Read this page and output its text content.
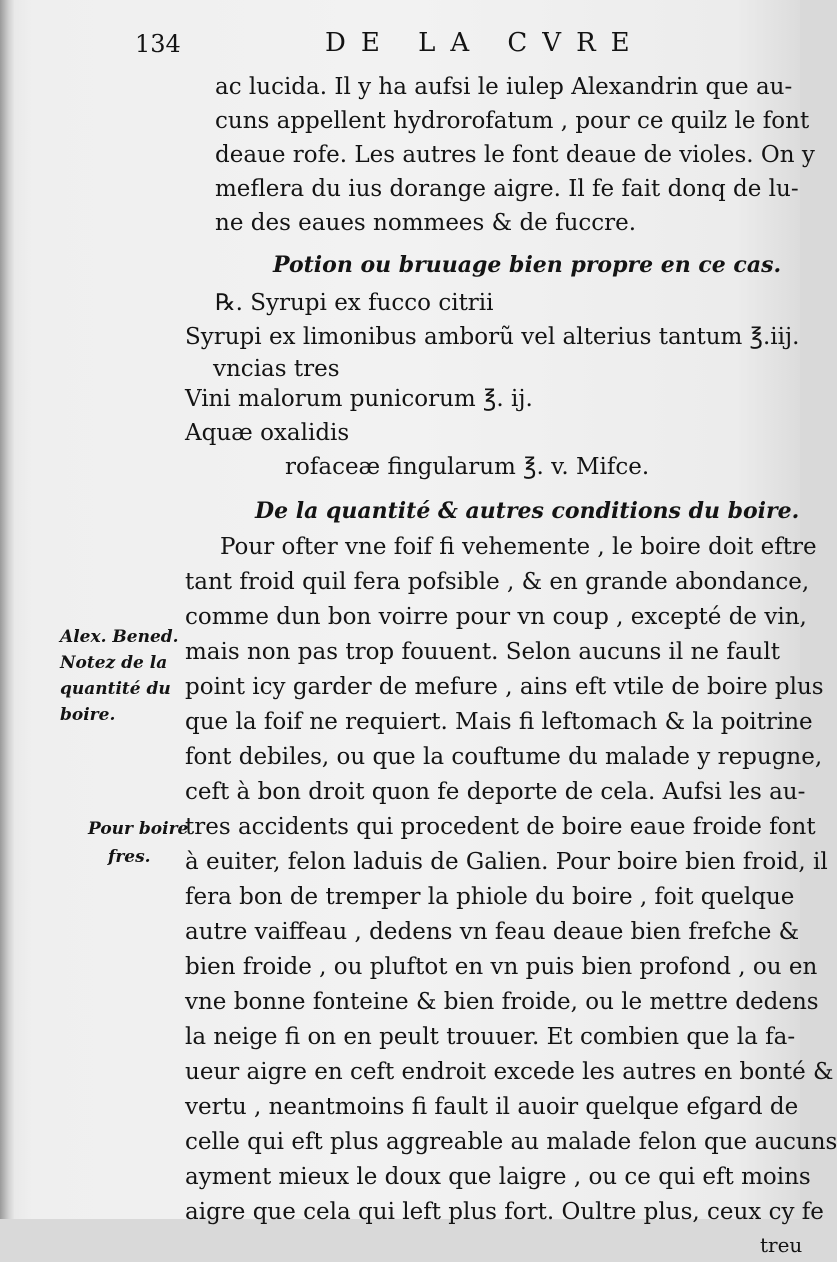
134	DE LA CVRE
ac lucida. Il y ha aufsi le iulep Alexandrin que au-
cuns appellent hydrorofatum , pour ce quilz le font
deaue rofe. Les autres le font deaue de violes. On y
meflera du ius dorange aigre. Il fe fait donq de lu-
ne des eaues nommees & de fuccre.
Potion ou bruuage bien propre en ce cas.
℞. Syrupi ex fucco citrii
Syrupi ex limonibus amborũ vel alterius tantum ℥.iij.
vncias tres
Vini malorum punicorum ℥. ij.
Aquæ oxalidis
rofaceæ fingularum ℥. v. Mifce.
De la quantité & autres conditions du boire.
Pour ofter vne foif fi vehemente , le boire doit eftre
tant froid quil fera pofsible , & en grande abondance,
comme dun bon voirre pour vn coup , excepté de vin,
mais non pas trop fouuent. Selon aucuns il ne fault
point icy garder de mefure , ains eft vtile de boire plus
que la foif ne requiert. Mais fi leftomach & la poitrine
font debiles, ou que la couftume du malade y repugne,
ceft à bon droit quon fe deporte de cela. Aufsi les au-
tres accidents qui procedent de boire eaue froide font
à euiter, felon laduis de Galien. Pour boire bien froid, il
fera bon de tremper la phiole du boire , foit quelque
autre vaiffeau , dedens vn feau deaue bien frefche &
bien froide , ou pluftot en vn puis bien profond , ou en
vne bonne fonteine & bien froide, ou le mettre dedens
la neige fi on en peult trouuer. Et combien que la fa-
ueur aigre en ceft endroit excede les autres en bonté &
vertu , neantmoins fi fault il auoir quelque efgard de
celle qui eft plus aggreable au malade felon que aucuns
ayment mieux le doux que laigre , ou ce qui eft moins
aigre que cela qui left plus fort. Oultre plus, ceux cy fe
treu
Alex. Bened.
Note⁠z de la
quantité du
boire.
Pour boire
fres.
